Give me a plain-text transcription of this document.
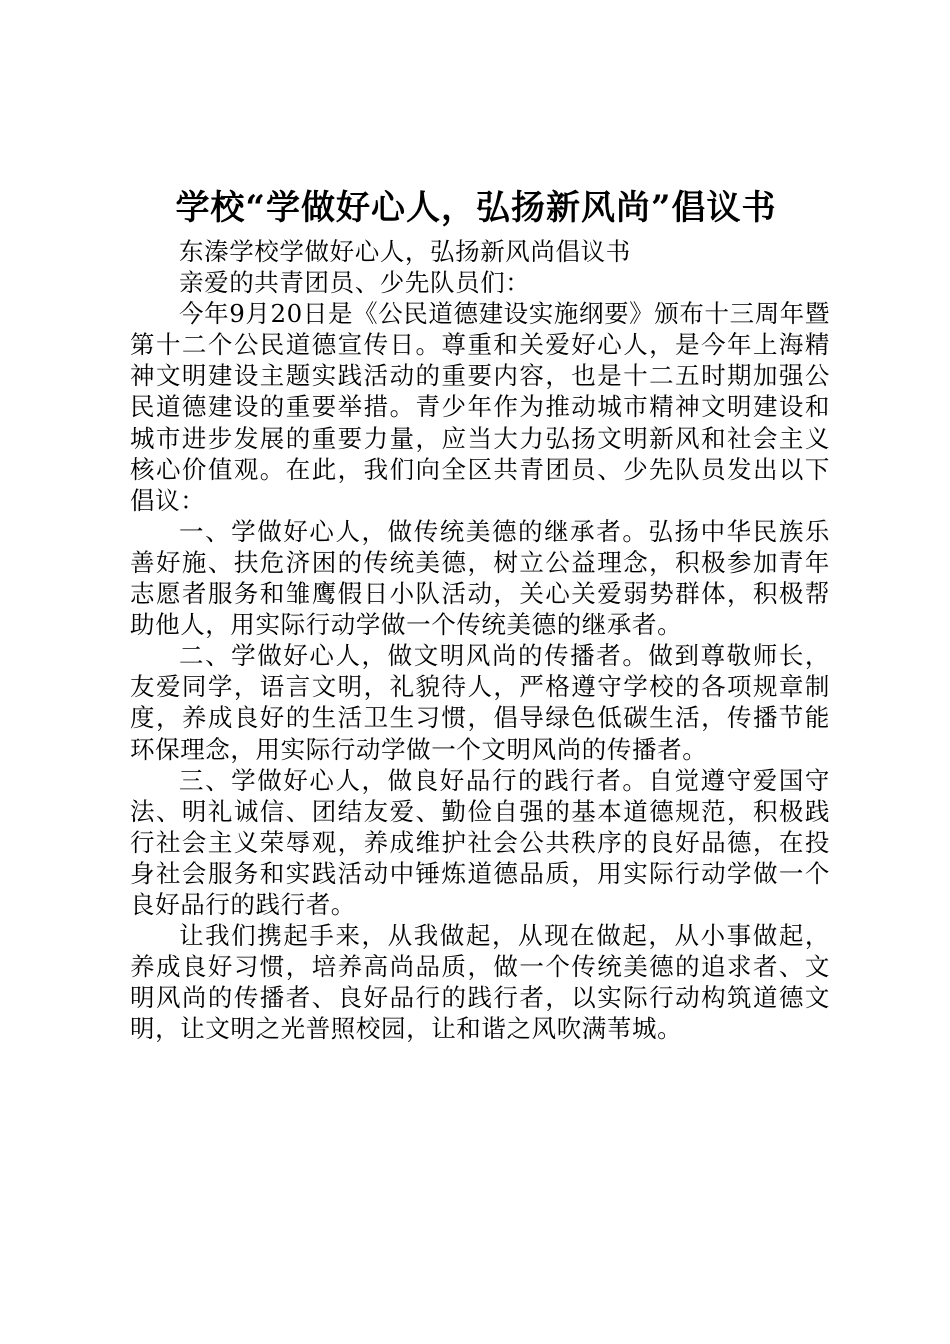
学校“学做好心人，弘扬新风尚”倡议书

东溱学校学做好心人，弘扬新风尚倡议书

亲爱的共青团员、少先队员们：

今年9月20日是《公民道德建设实施纲要》颁布十三周年暨第十二个公民道德宣传日。尊重和关爱好心人，是今年上海精神文明建设主题实践活动的重要内容，也是十二五时期加强公民道德建设的重要举措。青少年作为推动城市精神文明建设和城市进步发展的重要力量，应当大力弘扬文明新风和社会主义核心价值观。在此，我们向全区共青团员、少先队员发出以下倡议：

一、学做好心人，做传统美德的继承者。弘扬中华民族乐善好施、扶危济困的传统美德，树立公益理念，积极参加青年志愿者服务和雏鹰假日小队活动，关心关爱弱势群体，积极帮助他人，用实际行动学做一个传统美德的继承者。

二、学做好心人，做文明风尚的传播者。做到尊敬师长，友爱同学，语言文明，礼貌待人，严格遵守学校的各项规章制度，养成良好的生活卫生习惯，倡导绿色低碳生活，传播节能环保理念，用实际行动学做一个文明风尚的传播者。

三、学做好心人，做良好品行的践行者。自觉遵守爱国守法、明礼诚信、团结友爱、勤俭自强的基本道德规范，积极践行社会主义荣辱观，养成维护社会公共秩序的良好品德，在投身社会服务和实践活动中锤炼道德品质，用实际行动学做一个良好品行的践行者。

让我们携起手来，从我做起，从现在做起，从小事做起，养成良好习惯，培养高尚品质，做一个传统美德的追求者、文明风尚的传播者、良好品行的践行者，以实际行动构筑道德文明，让文明之光普照校园，让和谐之风吹满苇城。
